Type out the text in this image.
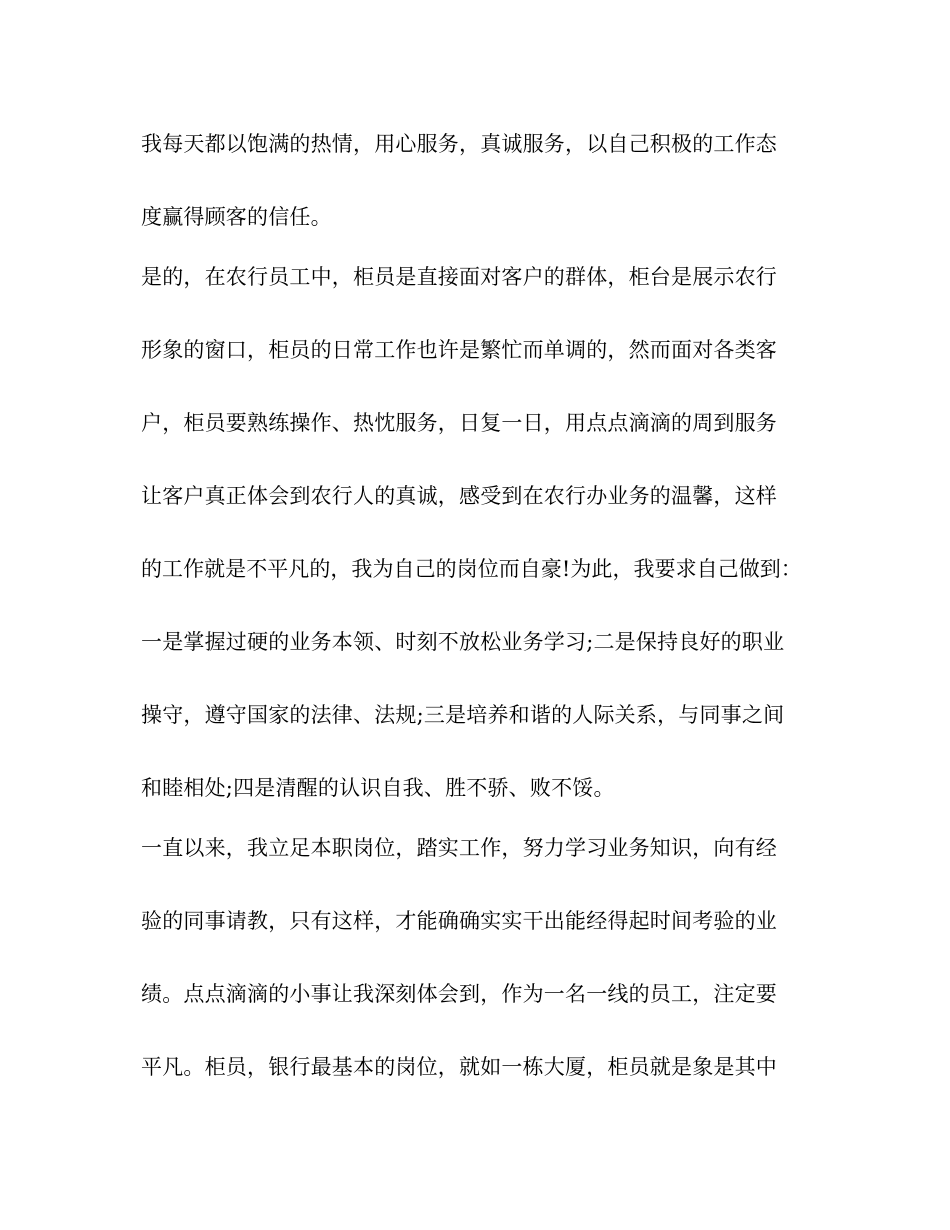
我每天都以饱满的热情，用心服务，真诚服务，以自己积极的工作态
度赢得顾客的信任。
是的，在农行员工中，柜员是直接面对客户的群体，柜台是展示农行
形象的窗口，柜员的日常工作也许是繁忙而单调的，然而面对各类客
户，柜员要熟练操作、热忱服务，日复一日，用点点滴滴的周到服务
让客户真正体会到农行人的真诚，感受到在农行办业务的温馨，这样
的工作就是不平凡的，我为自己的岗位而自豪!为此，我要求自己做到：
一是掌握过硬的业务本领、时刻不放松业务学习;二是保持良好的职业
操守，遵守国家的法律、法规;三是培养和谐的人际关系，与同事之间
和睦相处;四是清醒的认识自我、胜不骄、败不馁。
一直以来，我立足本职岗位，踏实工作，努力学习业务知识，向有经
验的同事请教，只有这样，才能确确实实干出能经得起时间考验的业
绩。点点滴滴的小事让我深刻体会到，作为一名一线的员工，注定要
平凡。柜员，银行最基本的岗位，就如一栋大厦，柜员就是象是其中
